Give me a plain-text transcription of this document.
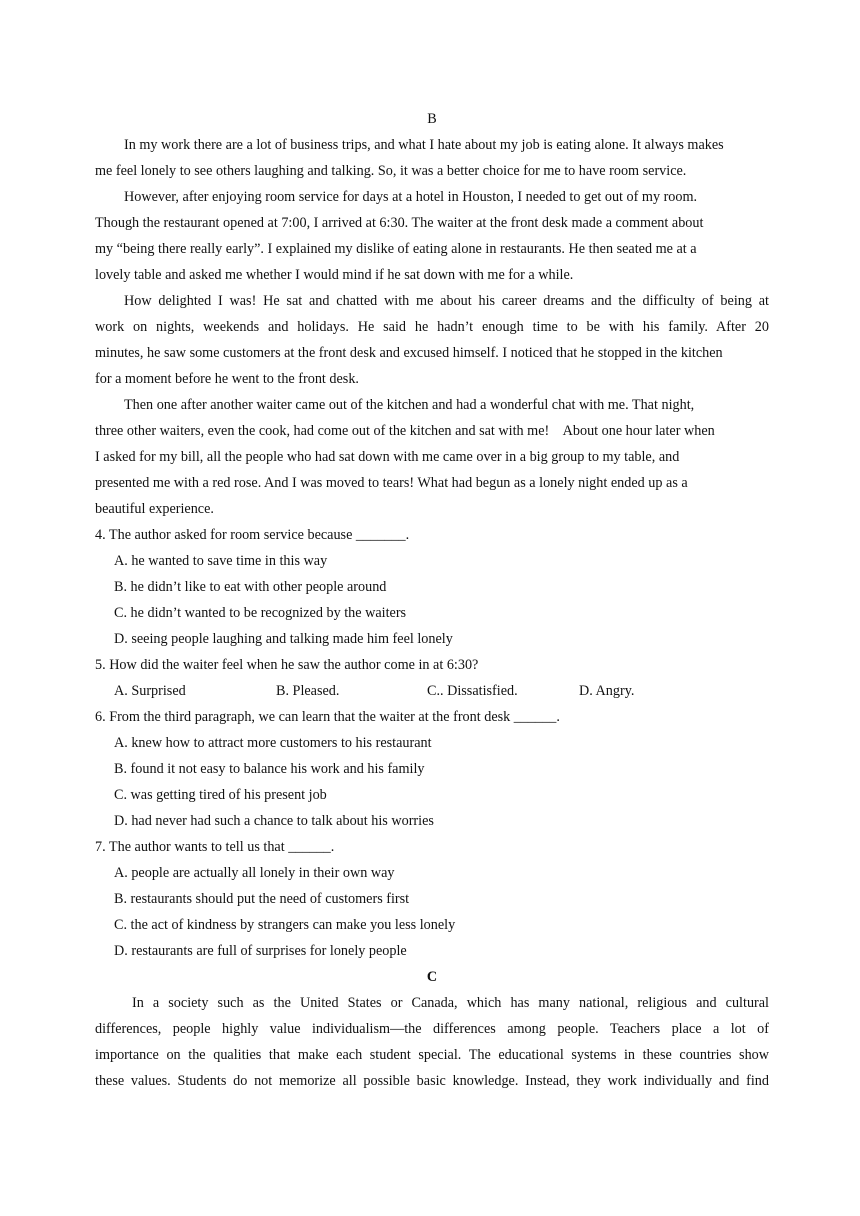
B
In my work there are a lot of business trips, and what I hate about my job is eating alone. It always makes
me feel lonely to see others laughing and talking. So, it was a better choice for me to have room service.
However, after enjoying room service for days at a hotel in Houston, I needed to get out of my room.
Though the restaurant opened at 7:00, I arrived at 6:30. The waiter at the front desk made a comment about
my “being there really early”. I explained my dislike of eating alone in restaurants. He then seated me at a
lovely table and asked me whether I would mind if he sat down with me for a while.
How delighted I was! He sat and chatted with me about his career dreams and the difficulty of being at
work on nights, weekends and holidays. He said he hadn’t enough time to be with his family. After 20
minutes, he saw some customers at the front desk and excused himself. I noticed that he stopped in the kitchen
for a moment before he went to the front desk.
Then one after another waiter came out of the kitchen and had a wonderful chat with me. That night,
three other waiters, even the cook, had come out of the kitchen and sat with me!    About one hour later when
I asked for my bill, all the people who had sat down with me came over in a big group to my table, and
presented me with a red rose. And I was moved to tears! What had begun as a lonely night ended up as a
beautiful experience.
4. The author asked for room service because _______.
A. he wanted to save time in this way
B. he didn’t like to eat with other people around
C. he didn’t wanted to be recognized by the waiters
D. seeing people laughing and talking made him feel lonely
5. How did the waiter feel when he saw the author come in at 6:30?
A. Surprised	B. Pleased.	C.. Dissatisfied.	D. Angry.
6. From the third paragraph, we can learn that the waiter at the front desk ______.
A. knew how to attract more customers to his restaurant
B. found it not easy to balance his work and his family
C. was getting tired of his present job
D. had never had such a chance to talk about his worries
7. The author wants to tell us that ______.
A. people are actually all lonely in their own way
B. restaurants should put the need of customers first
C. the act of kindness by strangers can make you less lonely
D. restaurants are full of surprises for lonely people
C
In a society such as the United States or Canada, which has many national, religious and cultural
differences, people highly value individualism—the differences among people. Teachers place a lot of
importance on the qualities that make each student special. The educational systems in these countries show
these values. Students do not memorize all possible basic knowledge. Instead, they work individually and find
